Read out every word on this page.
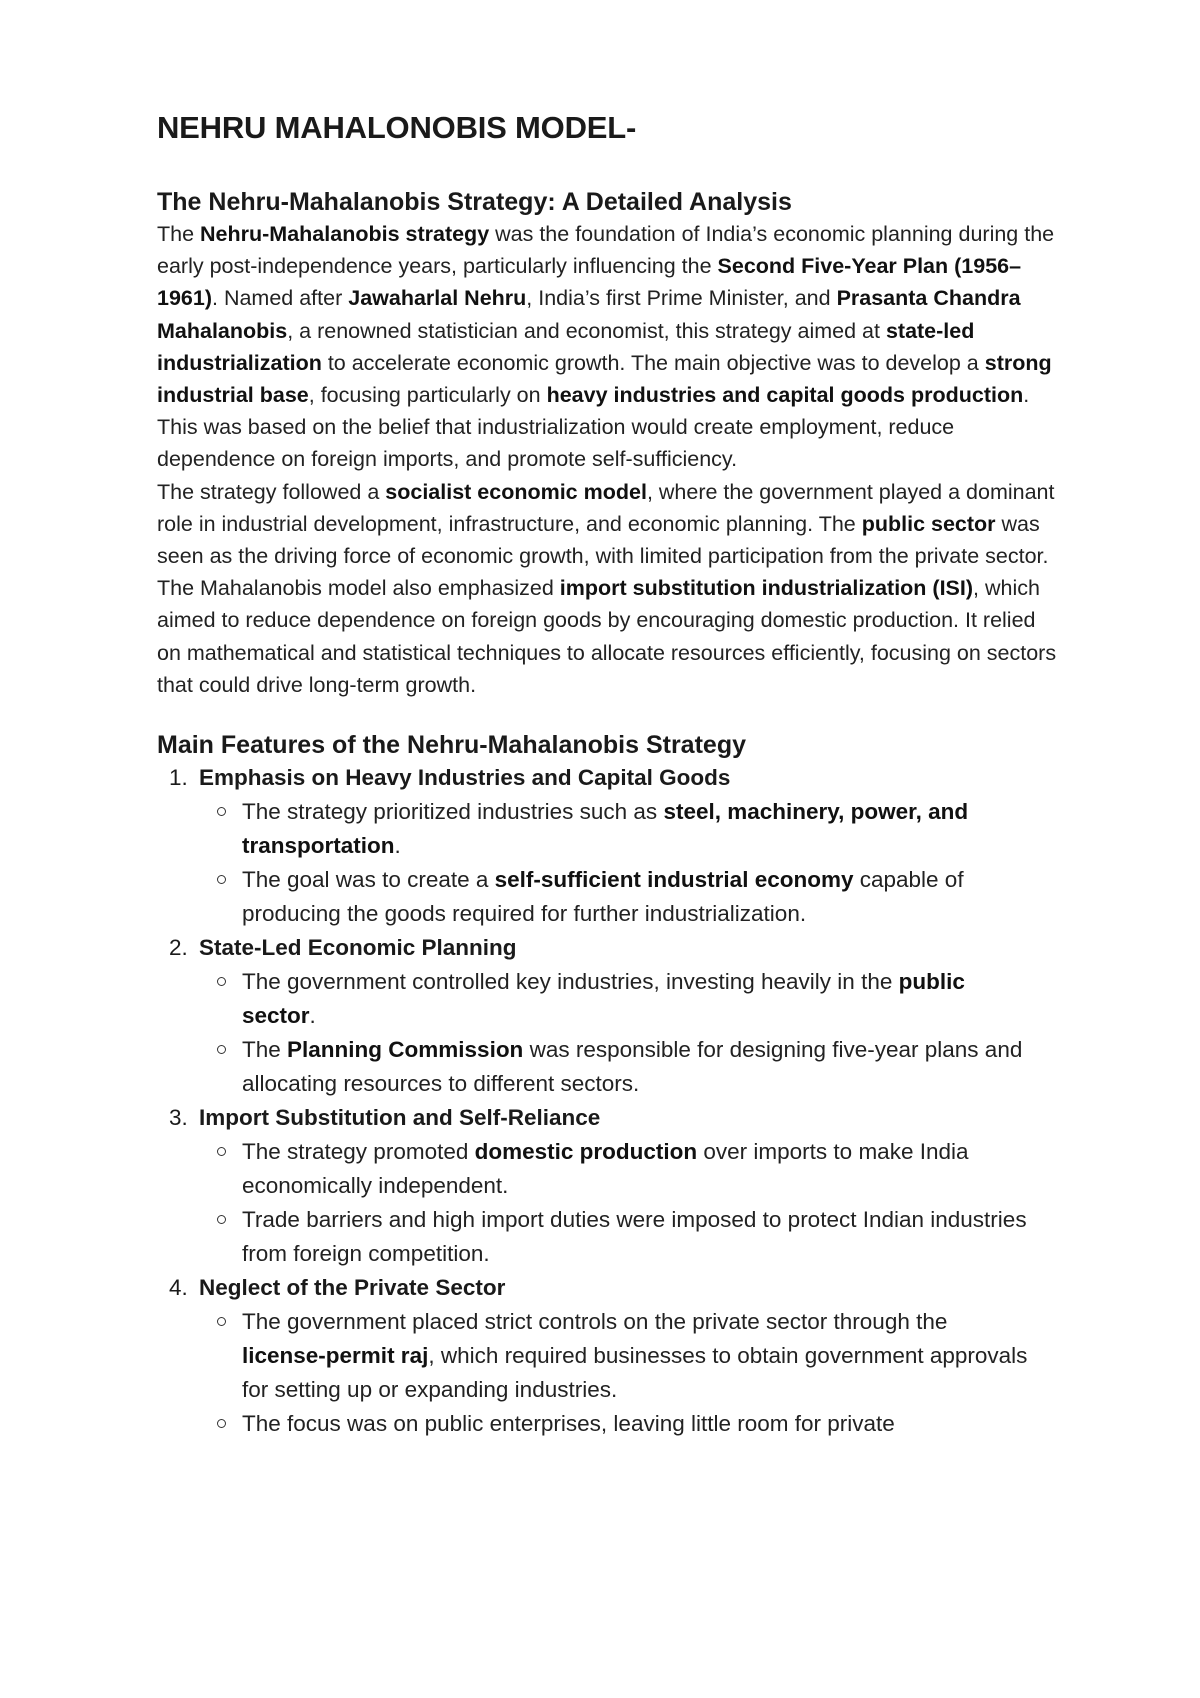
NEHRU MAHALONOBIS MODEL-
The Nehru-Mahalanobis Strategy: A Detailed Analysis

The Nehru-Mahalanobis strategy was the foundation of India’s economic planning during the early post-independence years, particularly influencing the Second Five-Year Plan (1956–1961). Named after Jawaharlal Nehru, India’s first Prime Minister, and Prasanta Chandra Mahalanobis, a renowned statistician and economist, this strategy aimed at state-led industrialization to accelerate economic growth. The main objective was to develop a strong industrial base, focusing particularly on heavy industries and capital goods production. This was based on the belief that industrialization would create employment, reduce dependence on foreign imports, and promote self-sufficiency.

The strategy followed a socialist economic model, where the government played a dominant role in industrial development, infrastructure, and economic planning. The public sector was seen as the driving force of economic growth, with limited participation from the private sector. The Mahalanobis model also emphasized import substitution industrialization (ISI), which aimed to reduce dependence on foreign goods by encouraging domestic production. It relied on mathematical and statistical techniques to allocate resources efficiently, focusing on sectors that could drive long-term growth.

Main Features of the Nehru-Mahalanobis Strategy
1. Emphasis on Heavy Industries and Capital Goods
The strategy prioritized industries such as steel, machinery, power, and transportation.
The goal was to create a self-sufficient industrial economy capable of producing the goods required for further industrialization.
2. State-Led Economic Planning
The government controlled key industries, investing heavily in the public sector.
The Planning Commission was responsible for designing five-year plans and allocating resources to different sectors.
3. Import Substitution and Self-Reliance
The strategy promoted domestic production over imports to make India economically independent.
Trade barriers and high import duties were imposed to protect Indian industries from foreign competition.
4. Neglect of the Private Sector
The government placed strict controls on the private sector through the license-permit raj, which required businesses to obtain government approvals for setting up or expanding industries.
The focus was on public enterprises, leaving little room for private
